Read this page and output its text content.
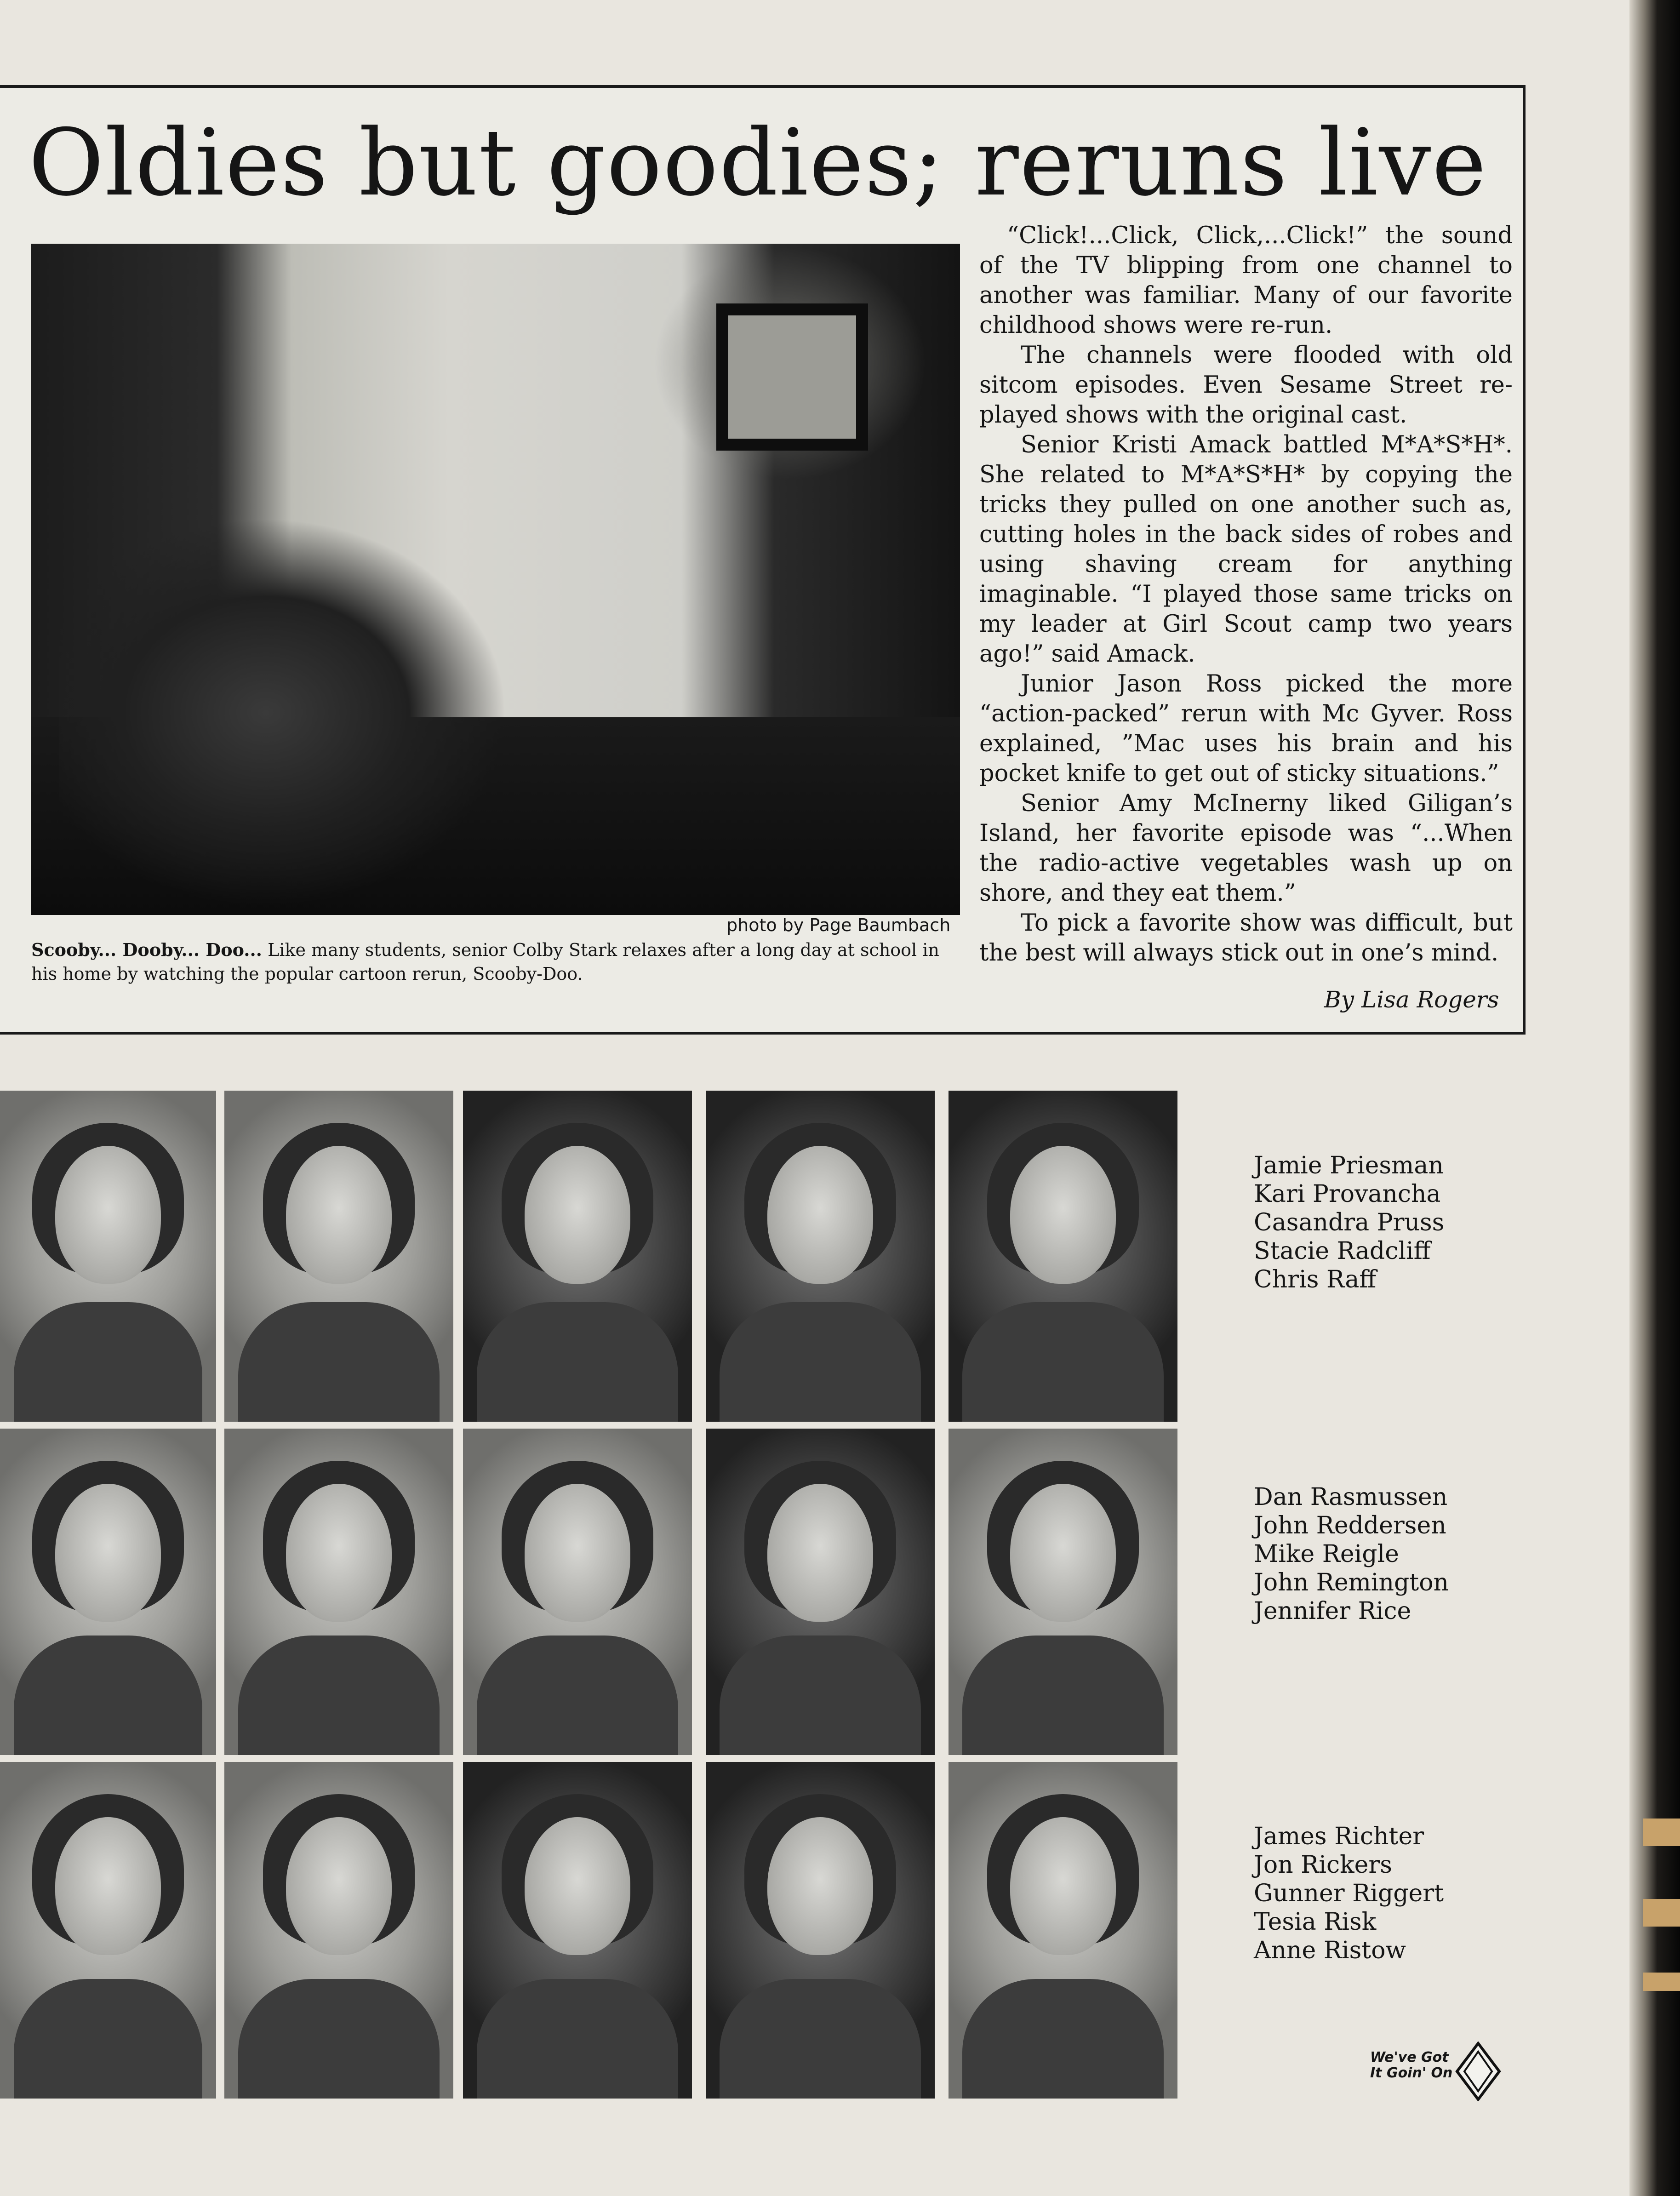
Oldies but goodies; reruns live
photo by Page Baumbach
Scooby... Dooby... Doo... Like many students, senior Colby Stark relaxes after a long day at school in his home by watching the popular cartoon rerun, Scooby-Doo.

“Click!...Click, Click,...Click!” the sound of the TV blipping from one channel to another was familiar. Many of our favorite childhood shows were re-run.

The channels were flooded with old sitcom episodes. Even Sesame Street re-played shows with the original cast.

Senior Kristi Amack battled M*A*S*H*. She related to M*A*S*H* by copying the tricks they pulled on one another such as, cutting holes in the back sides of robes and using shaving cream for anything imaginable. “I played those same tricks on my leader at Girl Scout camp two years ago!” said Amack.

Junior Jason Ross picked the more “action-packed” rerun with Mc Gyver. Ross explained, ”Mac uses his brain and his pocket knife to get out of sticky situations.”

Senior Amy McInerny liked Giligan’s Island, her favorite episode was “...When the radio-active vegetables wash up on shore, and they eat them.”

To pick a favorite show was difficult, but the best will always stick out in one’s mind.

By Lisa Rogers
Jamie Priesman
Kari Provancha
Casandra Pruss
Stacie Radcliff
Chris Raff
Dan Rasmussen
John Reddersen
Mike Reigle
John Remington
Jennifer Rice
James Richter
Jon Rickers
Gunner Riggert
Tesia Risk
Anne Ristow
We've Got
It Goin' On
